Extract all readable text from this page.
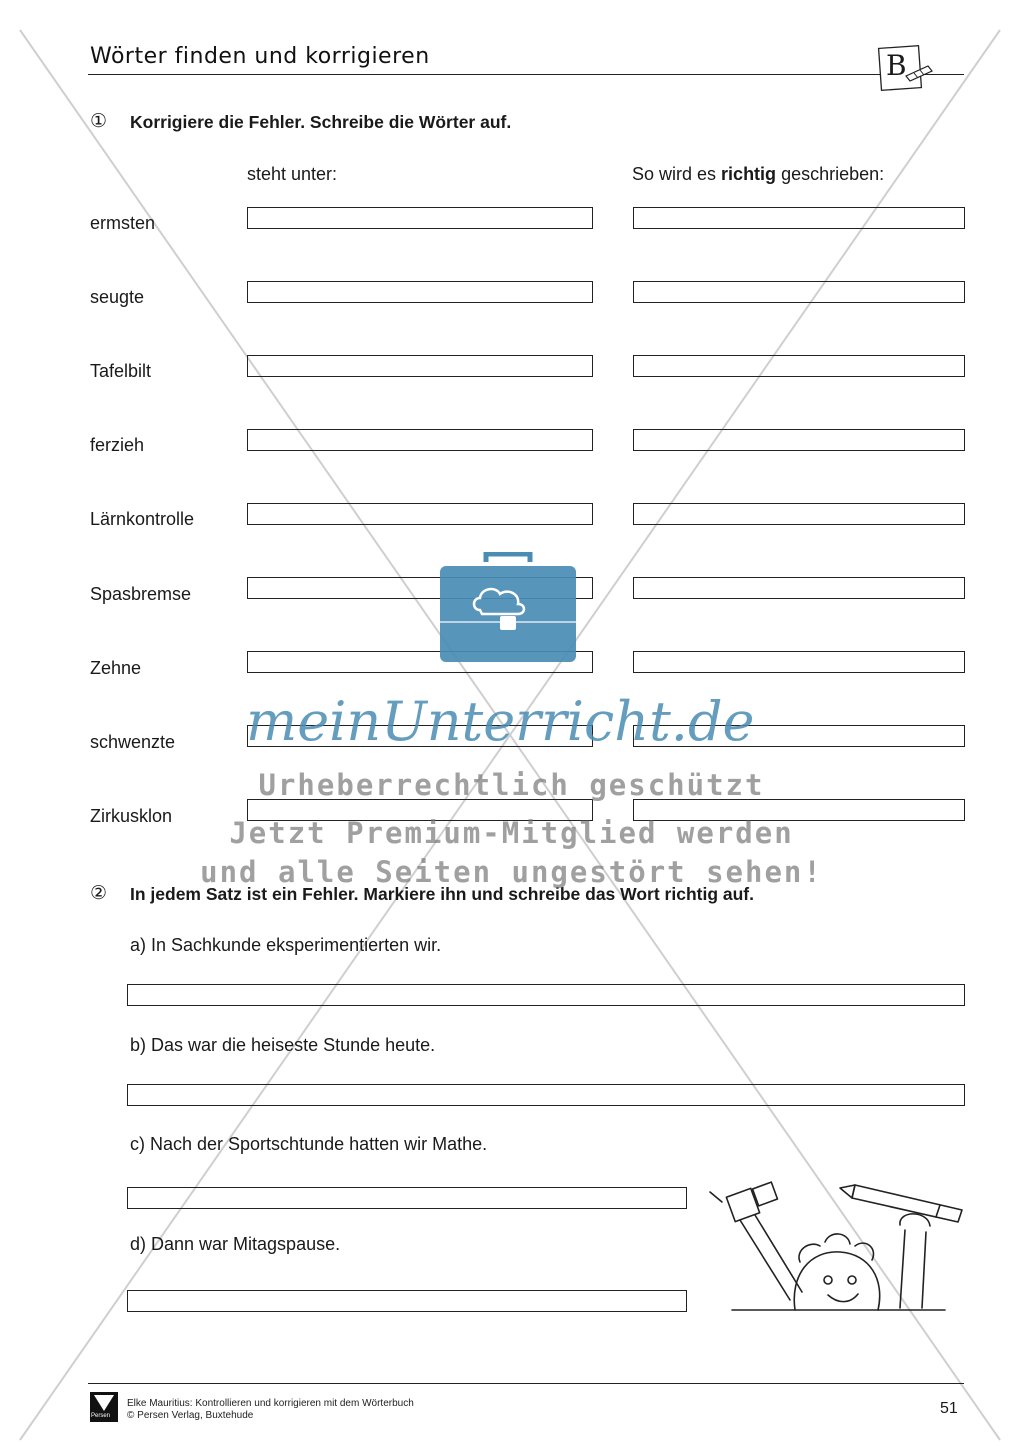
Wörter finden und korrigieren	B
① Korrigiere die Fehler. Schreibe die Wörter auf.
steht unter:	So wird es richtig geschrieben:
ermsten
seugte
Tafelbilt
ferzieh
Lärnkontrolle
Spasbremse
Zehne
schwenzte
Zirkusklon
② In jedem Satz ist ein Fehler. Markiere ihn und schreibe das Wort richtig auf.
a) In Sachkunde eksperimentierten wir.
b) Das war die heiseste Stunde heute.
c) Nach der Sportschtunde hatten wir Mathe.
d) Dann war Mitagspause.
meinUnterricht.de
Urheberrechtlich geschützt
Jetzt Premium-Mitglied werden
und alle Seiten ungestört sehen!
Persen
Elke Mauritius: Kontrollieren und korrigieren mit dem Wörterbuch
© Persen Verlag, Buxtehude	51
